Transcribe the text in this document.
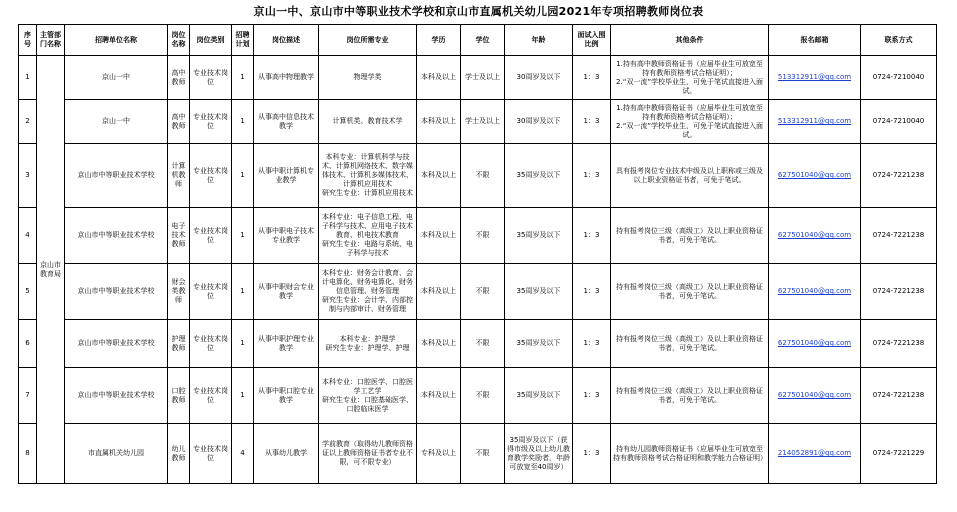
京山一中、京山市中等职业技术学校和京山市直属机关幼儿园2021年专项招聘教师岗位表
序号	主管部门名称	招聘单位名称	岗位名称	岗位类别	招聘计划	岗位描述	岗位所需专业	学历	学位	年龄	面试入围比例	其他条件	报名邮箱	联系方式
1	京山市教育局	京山一中	高中教师	专业技术岗位	1	从事高中物理教学	物理学类	本科及以上	学士及以上	30周岁及以下	1：3	1.持有高中教师资格证书（应届毕业生可放宽至持有教师资格考试合格证明）；
2.“双一流”学校毕业生，可免于笔试直接进入面试。	513312911@qq.com	0724-7210040
2		京山一中	高中教师	专业技术岗位	1	从事高中信息技术教学	计算机类、教育技术学	本科及以上	学士及以上	30周岁及以下	1：3	1.持有高中教师资格证书（应届毕业生可放宽至持有教师资格考试合格证明）；
2.“双一流”学校毕业生，可免于笔试直接进入面试。	513312911@qq.com	0724-7210040
3		京山市中等职业技术学校	计算机教师	专业技术岗位	1	从事中职计算机专业教学	本科专业：计算机科学与技术、计算机网络技术、数字媒体技术、计算机多媒体技术、计算机应用技术
研究生专业：计算机应用技术	本科及以上	不限	35周岁及以下	1：3	具有报考岗位专业技术中级及以上职称或三级及以上职业资格证书者，可免于笔试。	627501040@qq.com	0724-7221238
4		京山市中等职业技术学校	电子技术教师	专业技术岗位	1	从事中职电子技术专业教学	本科专业：电子信息工程、电子科学与技术、应用电子技术教育、机电技术教育
研究生专业：电路与系统、电子科学与技术	本科及以上	不限	35周岁及以下	1：3	持有报考岗位三级（高级工）及以上职业资格证书者，可免于笔试。	627501040@qq.com	0724-7221238
5		京山市中等职业技术学校	财会类教师	专业技术岗位	1	从事中职财会专业教学	本科专业：财务会计教育、会计电算化、财务电算化、财务信息管理、财务管理
研究生专业：会计学、内部控制与内部审计、财务管理	本科及以上	不限	35周岁及以下	1：3	持有报考岗位三级（高级工）及以上职业资格证书者，可免于笔试。	627501040@qq.com	0724-7221238
6		京山市中等职业技术学校	护理教师	专业技术岗位	1	从事中职护理专业教学	本科专业：护理学
研究生专业：护理学、护理	本科及以上	不限	35周岁及以下	1：3	持有报考岗位三级（高级工）及以上职业资格证书者，可免于笔试。	627501040@qq.com	0724-7221238
7		京山市中等职业技术学校	口腔教师	专业技术岗位	1	从事中职口腔专业教学	本科专业：口腔医学、口腔医学工艺学
研究生专业：口腔基础医学、口腔临床医学	本科及以上	不限	35周岁及以下	1：3	持有报考岗位三级（高级工）及以上职业资格证书者，可免于笔试。	627501040@qq.com	0724-7221238
8		市直属机关幼儿园	幼儿教师	专业技术岗位	4	从事幼儿教学	学前教育（取得幼儿教师资格证以上教师资格证书者专业不限，可不限专业）	专科及以上	不限	35周岁及以下（获得市级及以上幼儿教育教学奖励者，年龄可放宽至40周岁）	1：3	持有幼儿园教师资格证书（应届毕业生可放宽至持有教师资格考试合格证明和教学能力合格证明）	214052891@qq.com	0724-7221229
